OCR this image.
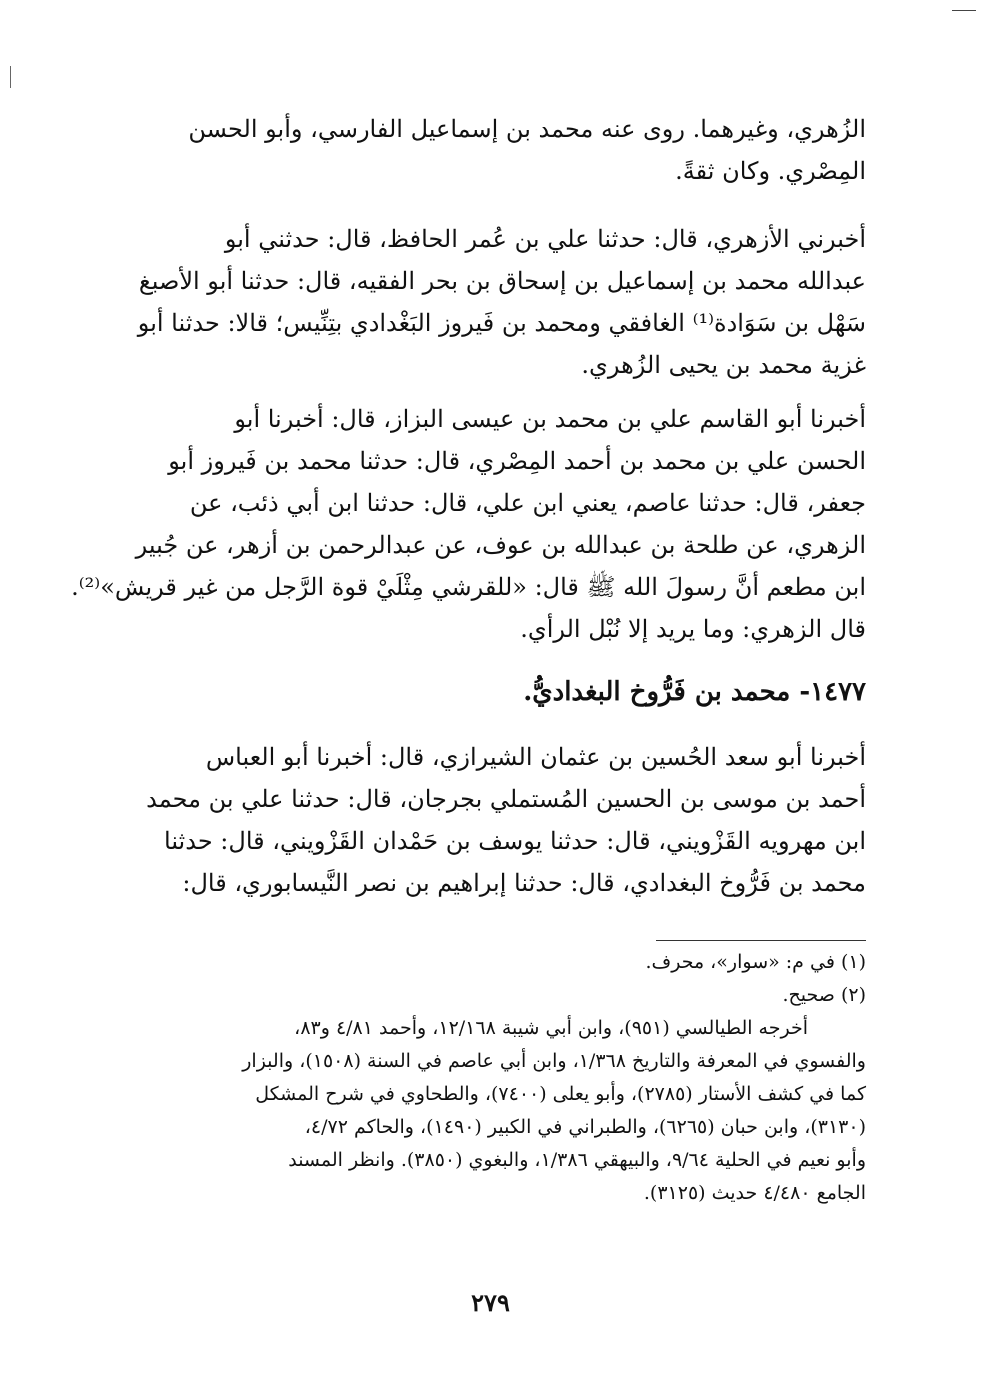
الزُهري، وغيرهما. روى عنه محمد بن إسماعيل الفارسي، وأبو الحسن
المِصْري. وكان ثقةً.
أخبرني الأزهري، قال: حدثنا علي بن عُمر الحافظ، قال: حدثني أبو
عبدالله محمد بن إسماعيل بن إسحاق بن بحر الفقيه، قال: حدثنا أبو الأصبغ
سَهْل بن سَوَادة⁽¹⁾ الغافقي ومحمد بن فَيروز البَغْدادي بتِنِّيس؛ قالا: حدثنا أبو
غزية محمد بن يحيى الزُهري.
أخبرنا أبو القاسم علي بن محمد بن عيسى البزاز، قال: أخبرنا أبو
الحسن علي بن محمد بن أحمد المِصْري، قال: حدثنا محمد بن فَيروز أبو
جعفر، قال: حدثنا عاصم، يعني ابن علي، قال: حدثنا ابن أبي ذئب، عن
الزهري، عن طلحة بن عبدالله بن عوف، عن عبدالرحمن بن أزهر، عن جُبير
ابن مطعم أنَّ رسولَ الله ﷺ قال: «للقرشي مِثْلَيْ قوة الرَّجل من غير قريش»⁽²⁾.
قال الزهري: وما يريد إلا نُبْل الرأي.
١٤٧٧- محمد بن فَرُّوخ البغداديُّ.
أخبرنا أبو سعد الحُسين بن عثمان الشيرازي، قال: أخبرنا أبو العباس
أحمد بن موسى بن الحسين المُستملي بجرجان، قال: حدثنا علي بن محمد
ابن مهرويه القَزْويني، قال: حدثنا يوسف بن حَمْدان القَزْويني، قال: حدثنا
محمد بن فَرُّوخ البغدادي، قال: حدثنا إبراهيم بن نصر النَّيسابوري، قال:
(١) في م: «سوار»، محرف.
(٢) صحيح.
أخرجه الطيالسي (٩٥١)، وابن أبي شيبة ١٢/١٦٨، وأحمد ٤/٨١ و٨٣،
والفسوي في المعرفة والتاريخ ١/٣٦٨، وابن أبي عاصم في السنة (١٥٠٨)، والبزار
كما في كشف الأستار (٢٧٨٥)، وأبو يعلى (٧٤٠٠)، والطحاوي في شرح المشكل
(٣١٣٠)، وابن حبان (٦٢٦٥)، والطبراني في الكبير (١٤٩٠)، والحاكم ٤/٧٢،
وأبو نعيم في الحلية ٩/٦٤، والبيهقي ١/٣٨٦، والبغوي (٣٨٥٠). وانظر المسند
الجامع ٤/٤٨٠ حديث (٣١٢٥).
٢٧٩
